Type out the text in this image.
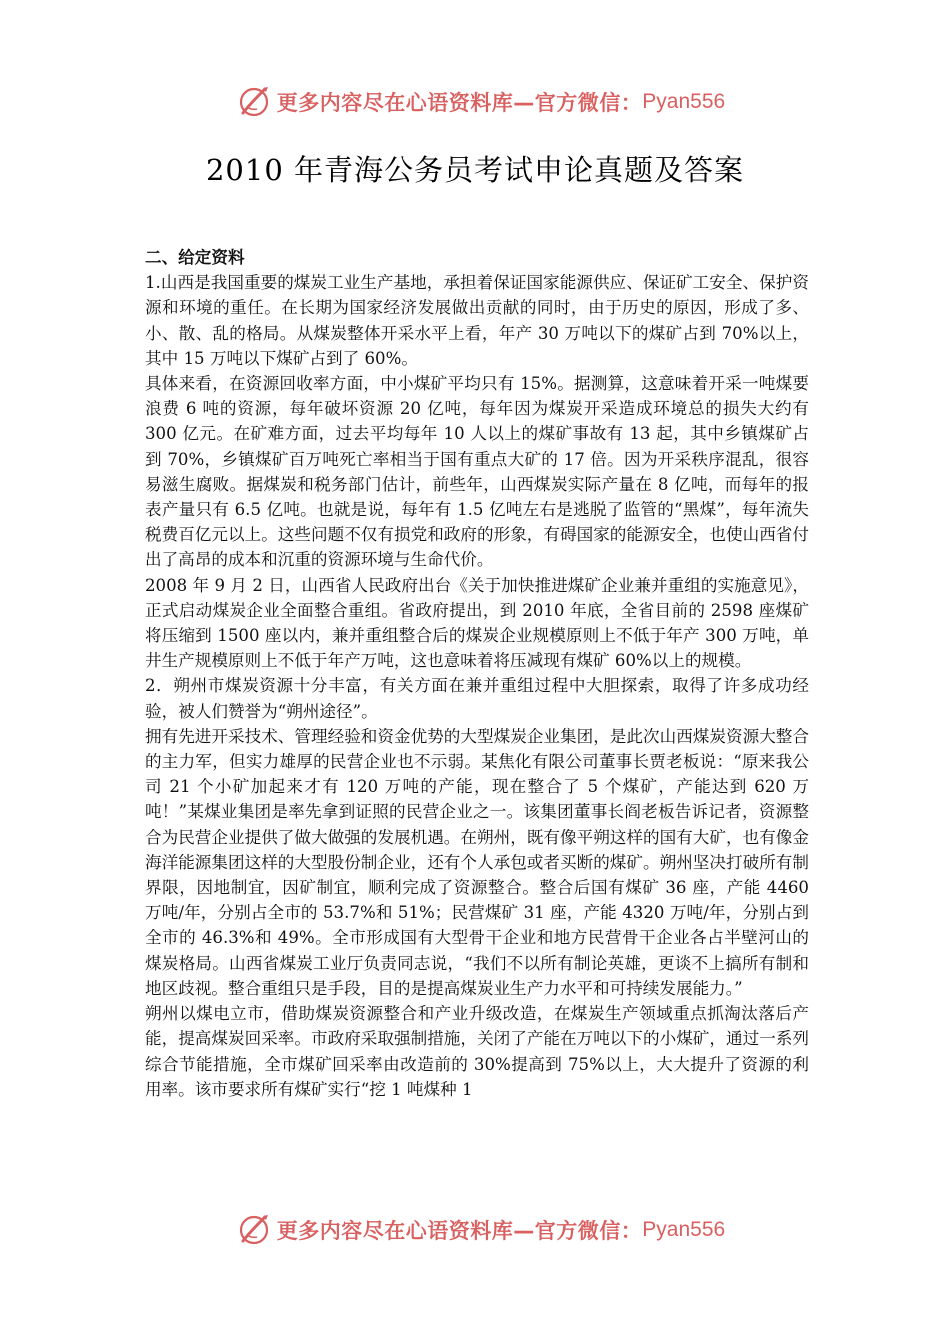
更多内容尽在心语资料库—官方微信： Pyan556
2010 年青海公务员考试申论真题及答案

二、给定资料

1.山西是我国重要的煤炭工业生产基地，承担着保证国家能源供应、保证矿工安全、保护资源和环境的重任。在长期为国家经济发展做出贡献的同时，由于历史的原因，形成了多、小、散、乱的格局。从煤炭整体开采水平上看，年产 30 万吨以下的煤矿占到 70%以上，其中 15 万吨以下煤矿占到了 60%。

具体来看，在资源回收率方面，中小煤矿平均只有 15%。据测算，这意味着开采一吨煤要浪费 6 吨的资源，每年破坏资源 20 亿吨，每年因为煤炭开采造成环境总的损失大约有 300 亿元。在矿难方面，过去平均每年 10 人以上的煤矿事故有 13 起，其中乡镇煤矿占到 70%，乡镇煤矿百万吨死亡率相当于国有重点大矿的 17 倍。因为开采秩序混乱，很容易滋生腐败。据煤炭和税务部门估计，前些年，山西煤炭实际产量在 8 亿吨，而每年的报表产量只有 6.5 亿吨。也就是说，每年有 1.5 亿吨左右是逃脱了监管的“黑煤”，每年流失税费百亿元以上。这些问题不仅有损党和政府的形象，有碍国家的能源安全，也使山西省付出了高昂的成本和沉重的资源环境与生命代价。

2008 年 9 月 2 日，山西省人民政府出台《关于加快推进煤矿企业兼并重组的实施意见》，正式启动煤炭企业全面整合重组。省政府提出，到 2010 年底，全省目前的 2598 座煤矿将压缩到 1500 座以内，兼并重组整合后的煤炭企业规模原则上不低于年产 300 万吨，单井生产规模原则上不低于年产万吨，这也意味着将压减现有煤矿 60%以上的规模。

2．朔州市煤炭资源十分丰富，有关方面在兼并重组过程中大胆探索，取得了许多成功经验，被人们赞誉为“朔州途径”。

拥有先进开采技术、管理经验和资金优势的大型煤炭企业集团，是此次山西煤炭资源大整合的主力军，但实力雄厚的民营企业也不示弱。某焦化有限公司董事长贾老板说：“原来我公司 21 个小矿加起来才有 120 万吨的产能，现在整合了 5 个煤矿，产能达到 620 万吨！”某煤业集团是率先拿到证照的民营企业之一。该集团董事长阎老板告诉记者，资源整合为民营企业提供了做大做强的发展机遇。在朔州，既有像平朔这样的国有大矿，也有像金海洋能源集团这样的大型股份制企业，还有个人承包或者买断的煤矿。朔州坚决打破所有制界限，因地制宜，因矿制宜，顺利完成了资源整合。整合后国有煤矿 36 座，产能 4460 万吨/年，分别占全市的 53.7%和 51%；民营煤矿 31 座，产能 4320 万吨/年，分别占到全市的 46.3%和 49%。全市形成国有大型骨干企业和地方民营骨干企业各占半壁河山的煤炭格局。山西省煤炭工业厅负责同志说，“我们不以所有制论英雄，更谈不上搞所有制和地区歧视。整合重组只是手段，目的是提高煤炭业生产力水平和可持续发展能力。”

朔州以煤电立市，借助煤炭资源整合和产业升级改造，在煤炭生产领域重点抓淘汰落后产能，提高煤炭回采率。市政府采取强制措施，关闭了产能在万吨以下的小煤矿，通过一系列综合节能措施，全市煤矿回采率由改造前的 30%提高到 75%以上，大大提升了资源的利用率。该市要求所有煤矿实行“挖 1 吨煤种 1

更多内容尽在心语资料库—官方微信： Pyan556
